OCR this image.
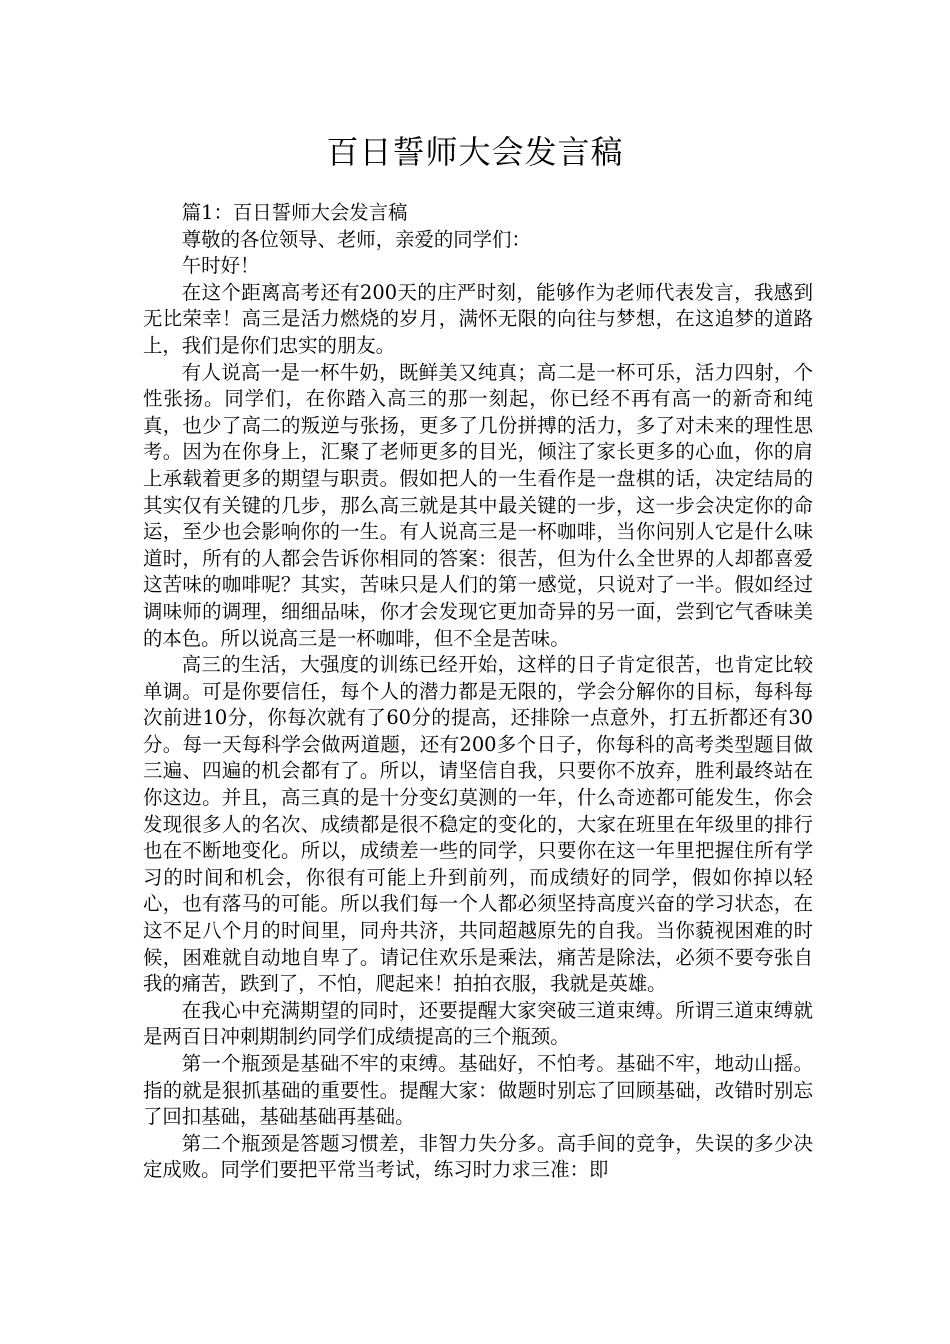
百日誓师大会发言稿

篇1：百日誓师大会发言稿

尊敬的各位领导、老师，亲爱的同学们：

午时好！

在这个距离高考还有200天的庄严时刻，能够作为老师代表发言，我感到无比荣幸！高三是活力燃烧的岁月，满怀无限的向往与梦想，在这追梦的道路上，我们是你们忠实的朋友。

有人说高一是一杯牛奶，既鲜美又纯真；高二是一杯可乐，活力四射，个性张扬。同学们，在你踏入高三的那一刻起，你已经不再有高一的新奇和纯真，也少了高二的叛逆与张扬，更多了几份拼搏的活力，多了对未来的理性思考。因为在你身上，汇聚了老师更多的目光，倾注了家长更多的心血，你的肩上承载着更多的期望与职责。假如把人的一生看作是一盘棋的话，决定结局的其实仅有关键的几步，那么高三就是其中最关键的一步，这一步会决定你的命运，至少也会影响你的一生。有人说高三是一杯咖啡，当你问别人它是什么味道时，所有的人都会告诉你相同的答案：很苦，但为什么全世界的人却都喜爱这苦味的咖啡呢？其实，苦味只是人们的第一感觉，只说对了一半。假如经过调味师的调理，细细品味，你才会发现它更加奇异的另一面，尝到它气香味美的本色。所以说高三是一杯咖啡，但不全是苦味。

高三的生活，大强度的训练已经开始，这样的日子肯定很苦，也肯定比较单调。可是你要信任，每个人的潜力都是无限的，学会分解你的目标，每科每次前进10分，你每次就有了60分的提高，还排除一点意外，打五折都还有30分。每一天每科学会做两道题，还有200多个日子，你每科的高考类型题目做三遍、四遍的机会都有了。所以，请坚信自我，只要你不放弃，胜利最终站在你这边。并且，高三真的是十分变幻莫测的一年，什么奇迹都可能发生，你会发现很多人的名次、成绩都是很不稳定的变化的，大家在班里在年级里的排行也在不断地变化。所以，成绩差一些的同学，只要你在这一年里把握住所有学习的时间和机会，你很有可能上升到前列，而成绩好的同学，假如你掉以轻心，也有落马的可能。所以我们每一个人都必须坚持高度兴奋的学习状态，在这不足八个月的时间里，同舟共济，共同超越原先的自我。当你藐视困难的时候，困难就自动地自卑了。请记住欢乐是乘法，痛苦是除法，必须不要夸张自我的痛苦，跌到了，不怕，爬起来！拍拍衣服，我就是英雄。

在我心中充满期望的同时，还要提醒大家突破三道束缚。所谓三道束缚就是两百日冲刺期制约同学们成绩提高的三个瓶颈。

第一个瓶颈是基础不牢的束缚。基础好，不怕考。基础不牢，地动山摇。指的就是狠抓基础的重要性。提醒大家：做题时别忘了回顾基础，改错时别忘了回扣基础，基础基础再基础。

第二个瓶颈是答题习惯差，非智力失分多。高手间的竞争，失误的多少决定成败。同学们要把平常当考试，练习时力求三准：即
